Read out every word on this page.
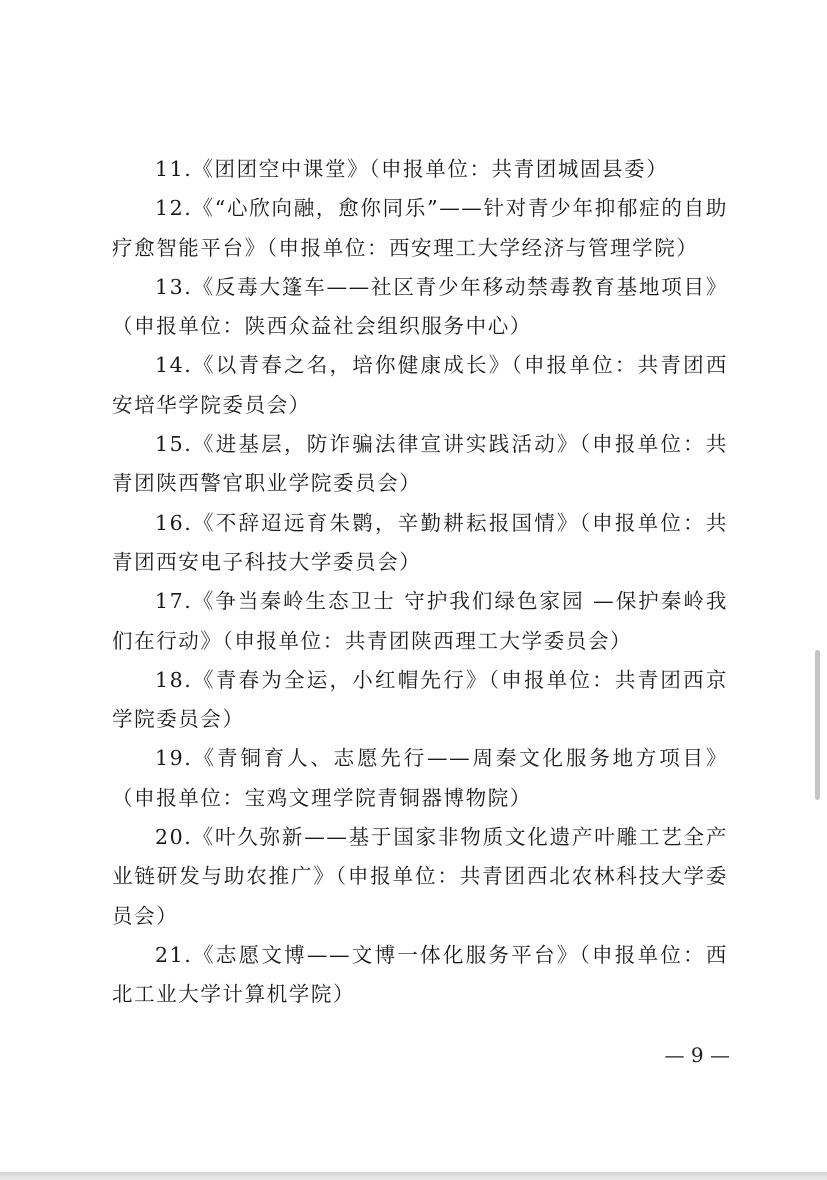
11.《团团空中课堂》（申报单位：共青团城固县委）

12.《“心欣向融，愈你同乐”——针对青少年抑郁症的自助疗愈智能平台》（申报单位：西安理工大学经济与管理学院）

13.《反毒大篷车——社区青少年移动禁毒教育基地项目》（申报单位：陕西众益社会组织服务中心）

14.《以青春之名，培你健康成长》（申报单位：共青团西安培华学院委员会）

15.《进基层，防诈骗法律宣讲实践活动》（申报单位：共青团陕西警官职业学院委员会）

16.《不辞迢远育朱鹮，辛勤耕耘报国情》（申报单位：共青团西安电子科技大学委员会）

17.《争当秦岭生态卫士 守护我们绿色家园 —保护秦岭我们在行动》（申报单位：共青团陕西理工大学委员会）

18.《青春为全运，小红帽先行》（申报单位：共青团西京学院委员会）

19.《青铜育人、志愿先行——周秦文化服务地方项目》（申报单位：宝鸡文理学院青铜器博物院）

20.《叶久弥新——基于国家非物质文化遗产叶雕工艺全产业链研发与助农推广》（申报单位：共青团西北农林科技大学委员会）

21.《志愿文博——文博一体化服务平台》（申报单位：西北工业大学计算机学院）

— 9 —
